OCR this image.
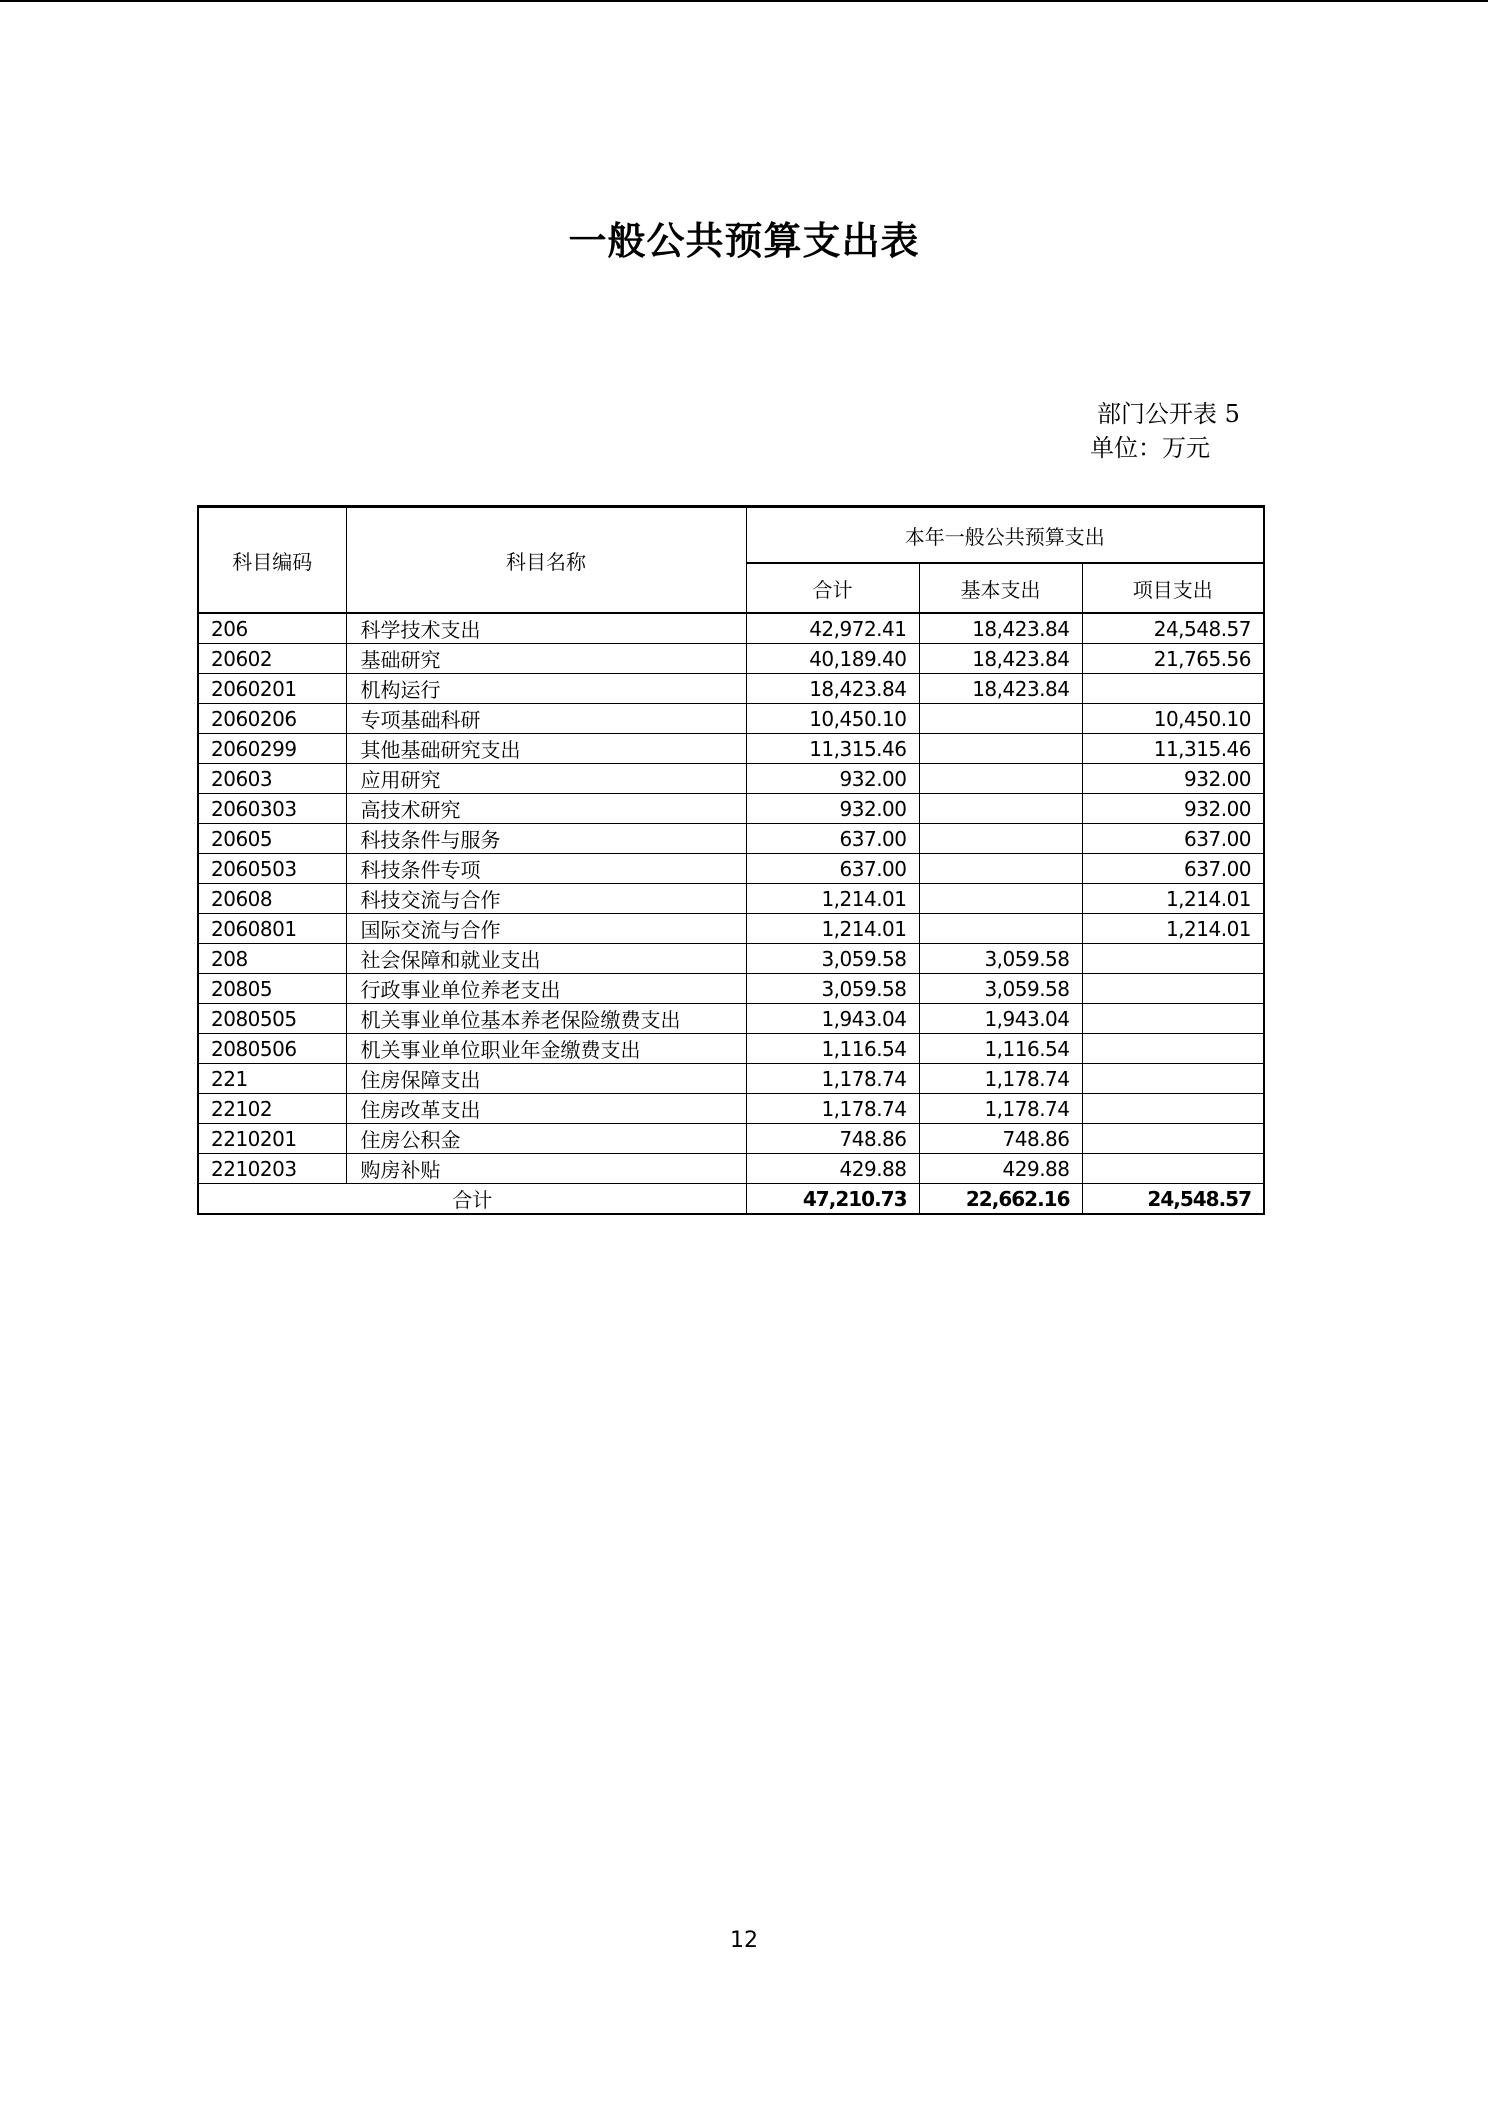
一般公共预算支出表
部门公开表 5
单位：万元
科目编码	科目名称	本年一般公共预算支出		
		合计	基本支出	项目支出
206	科学技术支出	42,972.41	18,423.84	24,548.57
20602	基础研究	40,189.40	18,423.84	21,765.56
2060201	机构运行	18,423.84	18,423.84	
2060206	专项基础科研	10,450.10		10,450.10
2060299	其他基础研究支出	11,315.46		11,315.46
20603	应用研究	932.00		932.00
2060303	高技术研究	932.00		932.00
20605	科技条件与服务	637.00		637.00
2060503	科技条件专项	637.00		637.00
20608	科技交流与合作	1,214.01		1,214.01
2060801	国际交流与合作	1,214.01		1,214.01
208	社会保障和就业支出	3,059.58	3,059.58	
20805	行政事业单位养老支出	3,059.58	3,059.58	
2080505	机关事业单位基本养老保险缴费支出	1,943.04	1,943.04	
2080506	机关事业单位职业年金缴费支出	1,116.54	1,116.54	
221	住房保障支出	1,178.74	1,178.74	
22102	住房改革支出	1,178.74	1,178.74	
2210201	住房公积金	748.86	748.86	
2210203	购房补贴	429.88	429.88	
合计		47,210.73	22,662.16	24,548.57
12
